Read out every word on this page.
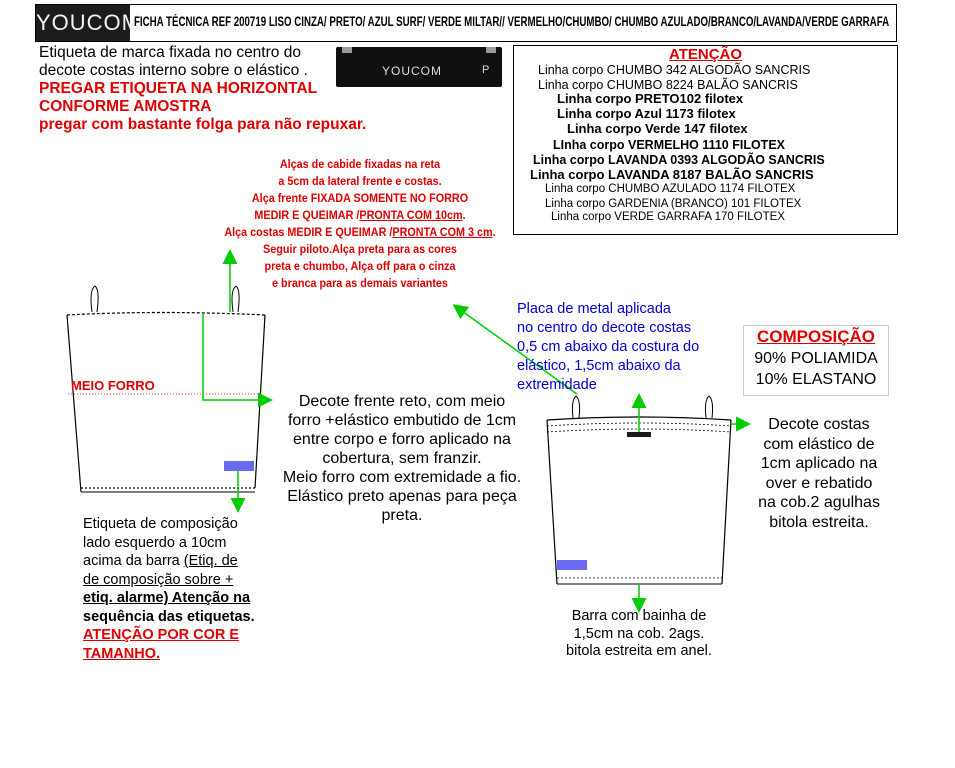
YOUCOM
FICHA TÉCNICA REF 200719 LISO CINZA/ PRETO/ AZUL SURF/ VERDE MILTAR// VERMELHO/CHUMBO/ CHUMBO AZULADO/BRANCO/LAVANDA/VERDE GARRAFA
Etiqueta de marca fixada no centro do
decote costas interno sobre o elástico .
PREGAR ETIQUETA NA HORIZONTAL
CONFORME AMOSTRA
pregar com bastante folga para não repuxar.
YOUCOM	P
ATENÇÃO
Linha corpo CHUMBO 342 ALGODÃO SANCRIS
Linha corpo CHUMBO 8224 BALÃO SANCRIS
Linha corpo PRETO102 filotex
Linha corpo Azul 1173 filotex
Linha corpo Verde 147 filotex
LInha corpo VERMELHO 1110 FILOTEX
Linha corpo LAVANDA 0393 ALGODÃO SANCRIS
Linha corpo LAVANDA 8187 BALÃO SANCRIS
Linha corpo CHUMBO AZULADO 1174 FILOTEX
Linha corpo GARDENIA (BRANCO) 101 FILOTEX
Linha corpo VERDE GARRAFA 170 FILOTEX
Alças de cabide fixadas na reta
a 5cm da lateral frente e costas.
Alça frente FIXADA SOMENTE NO FORRO
MEDIR E QUEIMAR /PRONTA COM 10cm.
Alça costas MEDIR E QUEIMAR /PRONTA COM 3 cm.
Seguir piloto.Alça preta para as cores
preta e chumbo, Alça off para o cinza
e branca para as demais variantes
MEIO FORRO
Decote frente reto, com meio
forro +elástico embutido de 1cm
entre corpo e forro aplicado na
cobertura, sem franzir.
Meio forro com extremidade a fio.
Elástico preto apenas para peça
preta.
Etiqueta de composição
lado esquerdo a 10cm
acima da barra (Etiq. de
de composição sobre +
etiq. alarme) Atenção na
sequência das etiquetas.
ATENÇÃO POR COR E
TAMANHO.
Placa de metal aplicada
no centro do decote costas
0,5 cm abaixo da costura do
elástico, 1,5cm abaixo da
extremidade
COMPOSIÇÃO
90% POLIAMIDA
10% ELASTANO
Decote costas
com elástico de
1cm aplicado na
over e rebatido
na cob.2 agulhas
bitola estreita.
Barra com bainha de
1,5cm na cob. 2ags.
bitola estreita em anel.
